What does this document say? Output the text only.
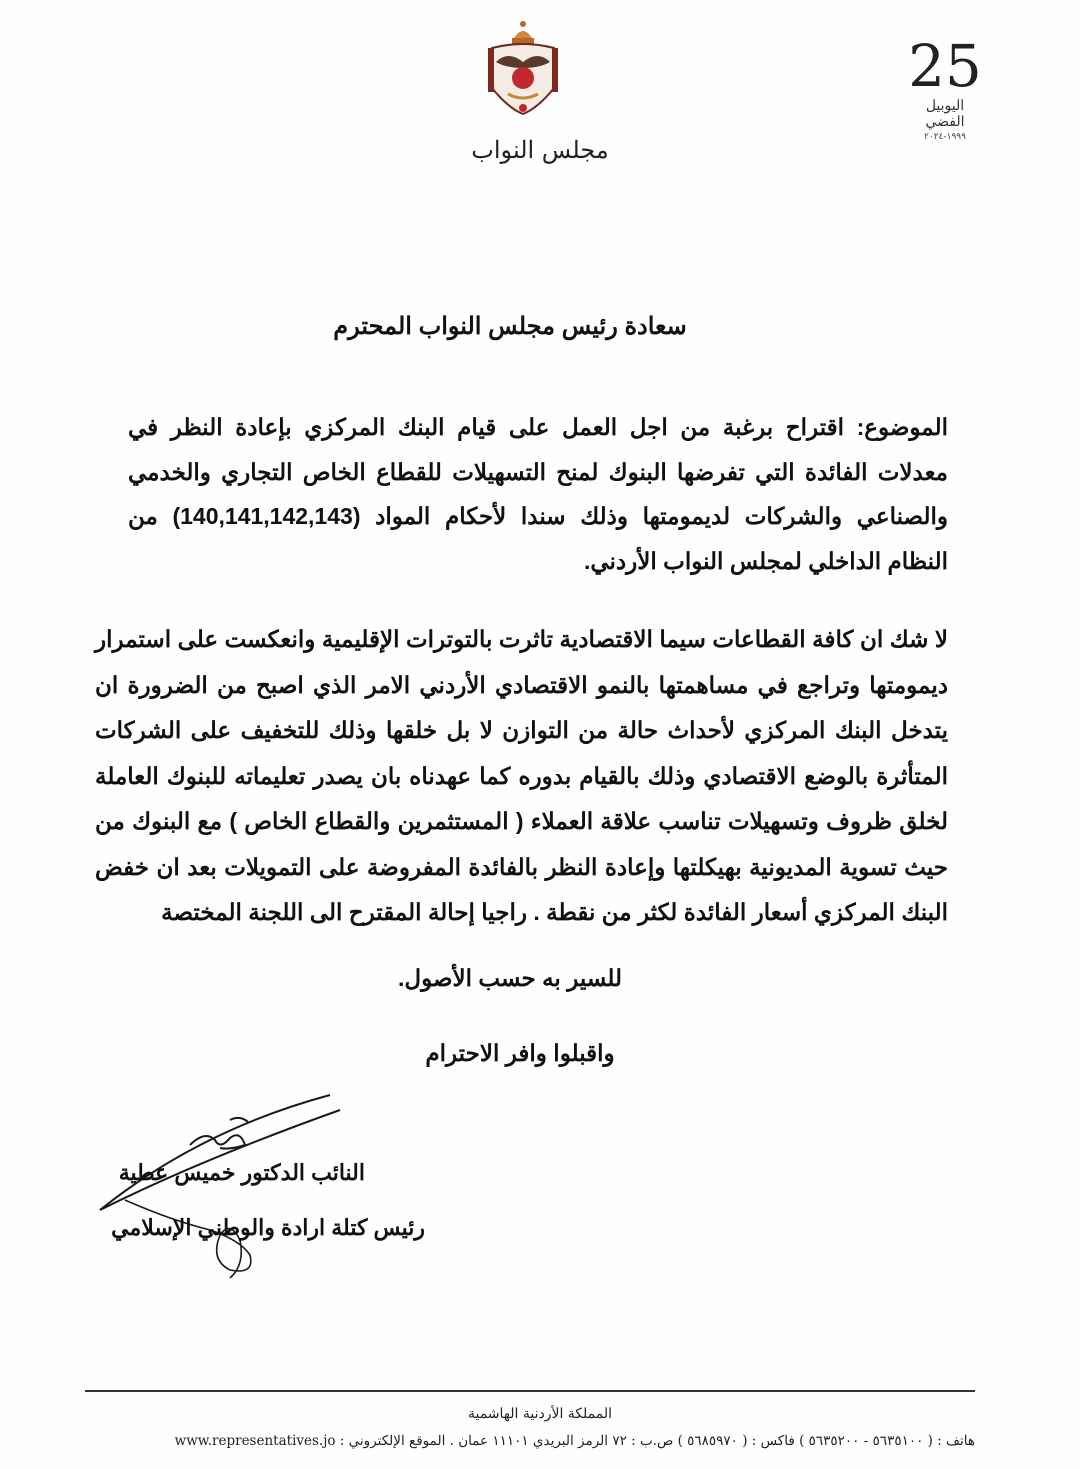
مجلس النواب
25
اليوبيل الفضي
١٩٩٩-٢٠٢٤
سعادة رئيس مجلس النواب المحترم
الموضوع: اقتراح برغبة من اجل العمل على قيام البنك المركزي بإعادة النظر في معدلات الفائدة التي تفرضها البنوك لمنح التسهيلات للقطاع الخاص التجاري والخدمي والصناعي والشركات لديمومتها وذلك سندا لأحكام المواد (140,141,142,143) من النظام الداخلي لمجلس النواب الأردني.
لا شك ان كافة القطاعات سيما الاقتصادية تاثرت بالتوترات الإقليمية وانعكست على استمرار ديمومتها وتراجع في مساهمتها بالنمو الاقتصادي الأردني الامر الذي اصبح من الضرورة ان يتدخل البنك المركزي لأحداث حالة من التوازن لا بل خلقها وذلك للتخفيف على الشركات المتأثرة بالوضع الاقتصادي وذلك بالقيام بدوره كما عهدناه بان يصدر تعليماته للبنوك العاملة لخلق ظروف وتسهيلات تناسب علاقة العملاء ( المستثمرين والقطاع الخاص ) مع البنوك من حيث تسوية المديونية بهيكلتها وإعادة النظر بالفائدة المفروضة على التمويلات بعد ان خفض البنك المركزي أسعار الفائدة لكثر من نقطة . راجيا إحالة المقترح الى اللجنة المختصة
للسير به حسب الأصول.
واقبلوا وافر الاحترام
النائب الدكتور خميس عطية
رئيس كتلة ارادة والوطني الإسلامي
المملكة الأردنية الهاشمية
هاتف : ( ٥٦٣٥١٠٠ - ٥٦٣٥٢٠٠ ) فاكس : ( ٥٦٨٥٩٧٠ ) ص.ب : ٧٢ الرمز البريدي ١١١٠١ عمان . الموقع الإلكتروني : www.representatives.jo
